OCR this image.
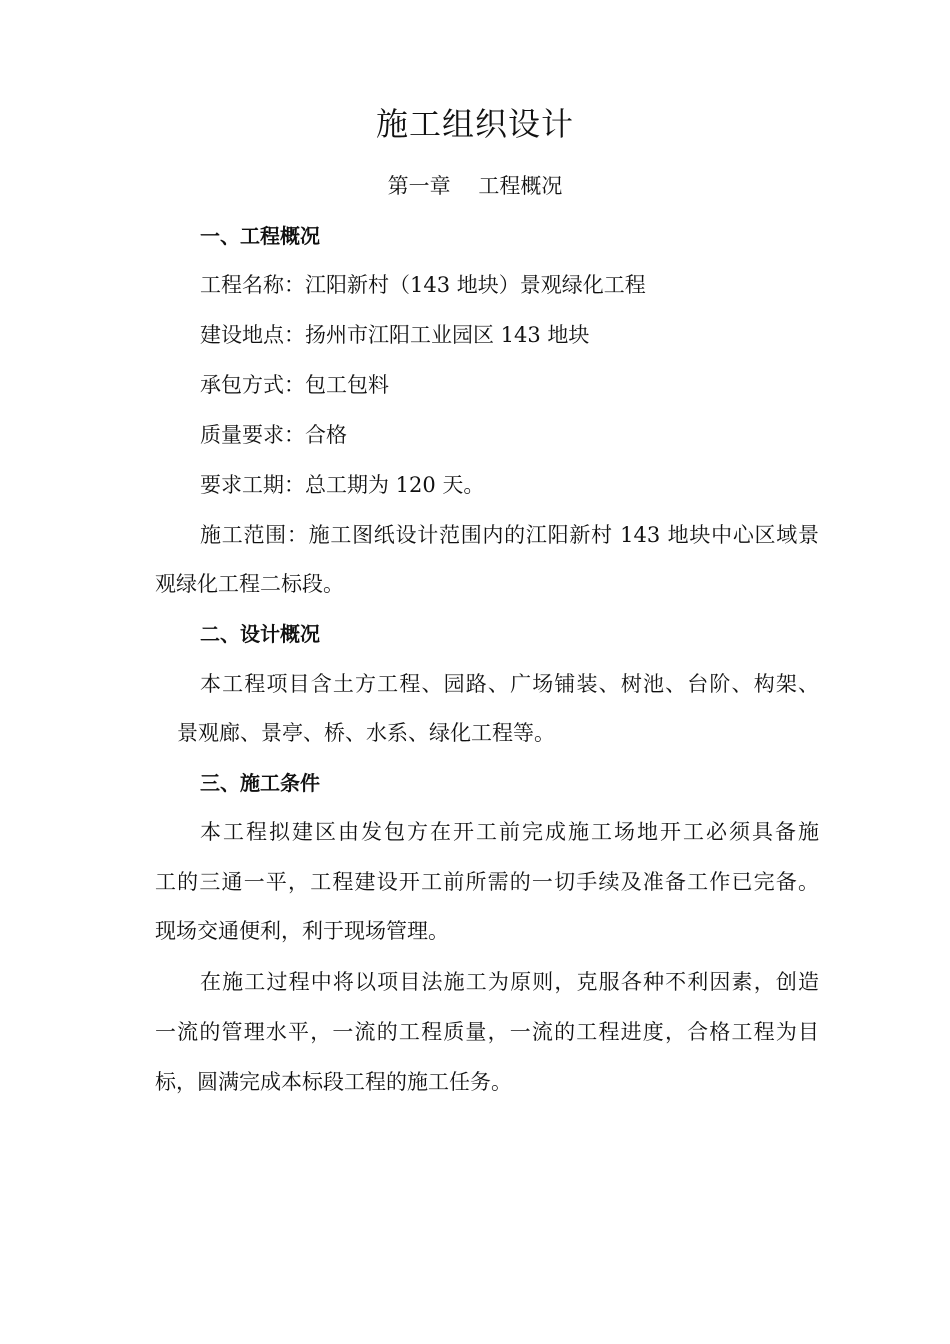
施工组织设计
第一章　 工程概况
一、工程概况
工程名称：江阳新村（143 地块）景观绿化工程
建设地点：扬州市江阳工业园区 143 地块
承包方式：包工包料
质量要求：合格
要求工期：总工期为 120 天。
施工范围：施工图纸设计范围内的江阳新村 143 地块中心区域景
观绿化工程二标段。
二、设计概况
本工程项目含土方工程、园路、广场铺装、树池、台阶、构架、
景观廊、景亭、桥、水系、绿化工程等。
三、施工条件
本工程拟建区由发包方在开工前完成施工场地开工必须具备施
工的三通一平，工程建设开工前所需的一切手续及准备工作已完备。
现场交通便利，利于现场管理。
在施工过程中将以项目法施工为原则，克服各种不利因素，创造
一流的管理水平，一流的工程质量，一流的工程进度，合格工程为目
标，圆满完成本标段工程的施工任务。
